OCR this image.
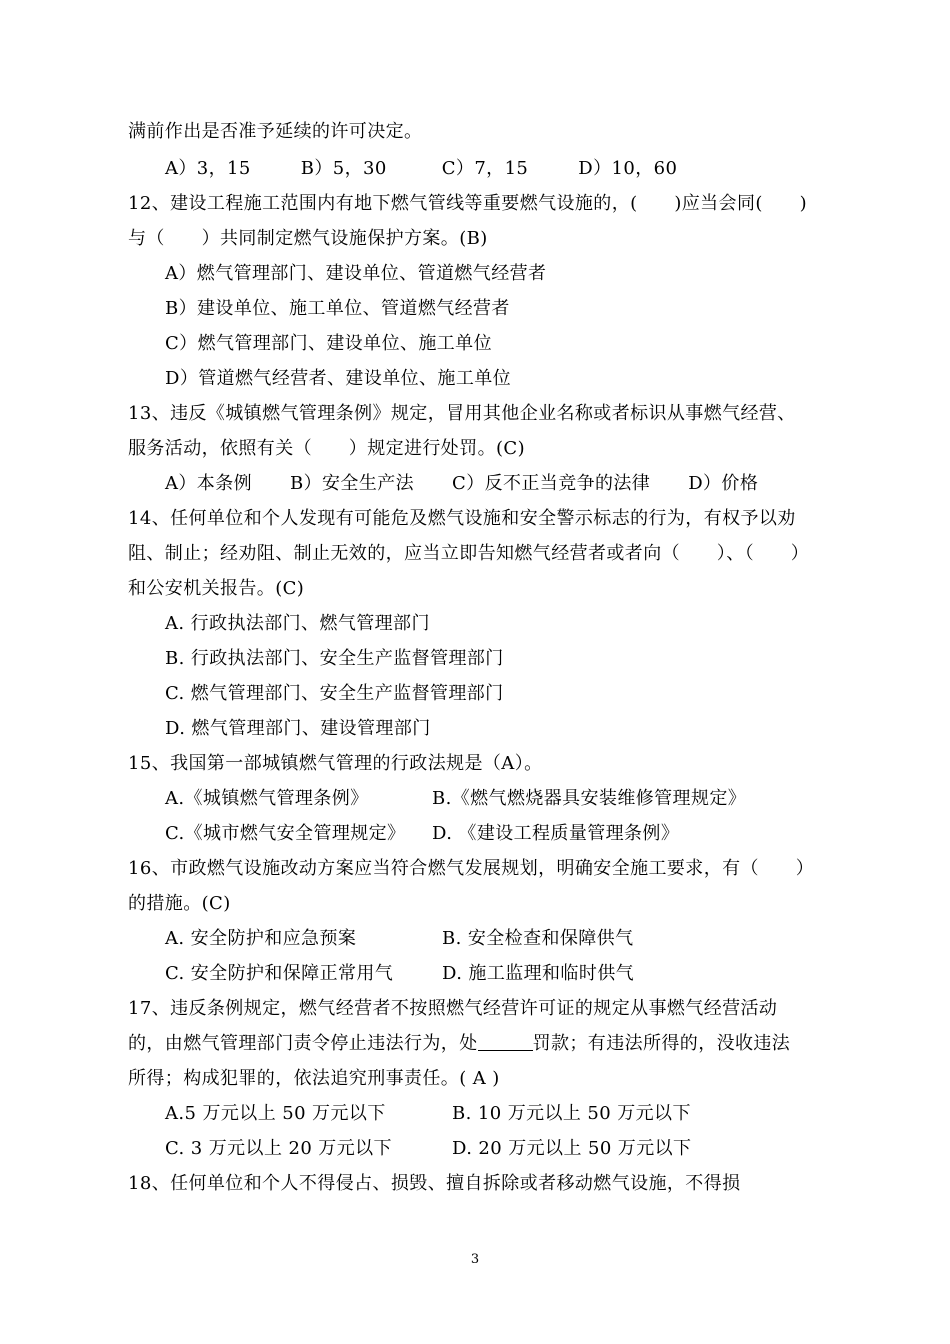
满前作出是否准予延续的许可决定。
A）3，15	B）5，30	C）7，15	D）10，60
12、建设工程施工范围内有地下燃气管线等重要燃气设施的，(　　)应当会同(　　)
与（　　）共同制定燃气设施保护方案。(B)
A）燃气管理部门、建设单位、管道燃气经营者
B）建设单位、施工单位、管道燃气经营者
C）燃气管理部门、建设单位、施工单位
D）管道燃气经营者、建设单位、施工单位
13、违反《城镇燃气管理条例》规定，冒用其他企业名称或者标识从事燃气经营、
服务活动，依照有关（　　）规定进行处罚。(C)
A）本条例 B）安全生产法 C）反不正当竞争的法律 D）价格
14、任何单位和个人发现有可能危及燃气设施和安全警示标志的行为，有权予以劝
阻、制止；经劝阻、制止无效的，应当立即告知燃气经营者或者向（　　）、（　　）
和公安机关报告。(C)
A. 行政执法部门、燃气管理部门
B. 行政执法部门、安全生产监督管理部门
C. 燃气管理部门、安全生产监督管理部门
D. 燃气管理部门、建设管理部门
15、我国第一部城镇燃气管理的行政法规是（A）。
A.《城镇燃气管理条例》	B.《燃气燃烧器具安装维修管理规定》
C.《城市燃气安全管理规定》 D. 《建设工程质量管理条例》
16、市政燃气设施改动方案应当符合燃气发展规划，明确安全施工要求，有（　　）
的措施。(C)
A. 安全防护和应急预案	B. 安全检查和保障供气
C. 安全防护和保障正常用气	D. 施工监理和临时供气
17、违反条例规定，燃气经营者不按照燃气经营许可证的规定从事燃气经营活动
的，由燃气管理部门责令停止违法行为，处	罚款；有违法所得的，没收违法
所得；构成犯罪的，依法追究刑事责任。( A )
A.5 万元以上 50 万元以下	B. 10 万元以上 50 万元以下
C. 3 万元以上 20 万元以下	D. 20 万元以上 50 万元以下
18、任何单位和个人不得侵占、损毁、擅自拆除或者移动燃气设施，不得损
3
